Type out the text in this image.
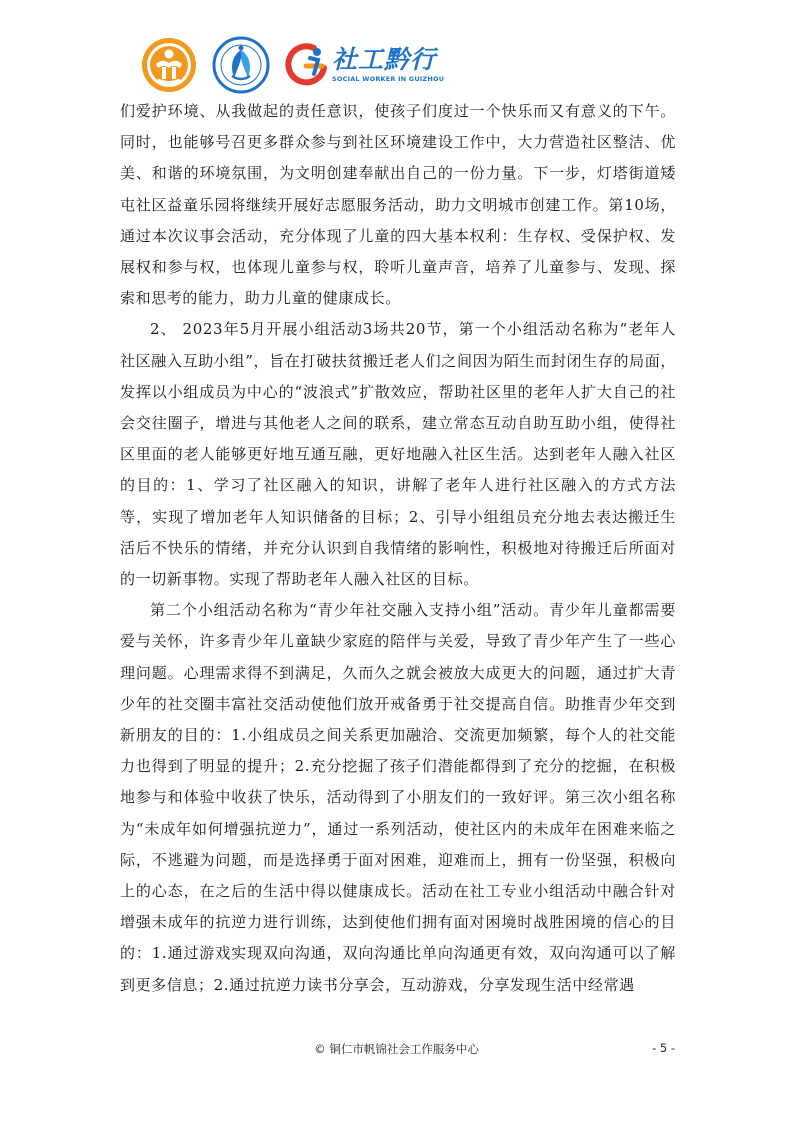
社工黔行
SOCIAL WORKER IN GUIZHOU

们爱护环境、从我做起的责任意识，使孩子们度过一个快乐而又有意义的下午。同时，也能够号召更多群众参与到社区环境建设工作中，大力营造社区整洁、优美、和谐的环境氛围，为文明创建奉献出自己的一份力量。下一步，灯塔街道矮屯社区益童乐园将继续开展好志愿服务活动，助力文明城市创建工作。第10场，通过本次议事会活动，充分体现了儿童的四大基本权利：生存权、受保护权、发展权和参与权，也体现儿童参与权，聆听儿童声音，培养了儿童参与、发现、探索和思考的能力，助力儿童的健康成长。

2、 2023年5月开展小组活动3场共20节，第一个小组活动名称为“老年人社区融入互助小组”，旨在打破扶贫搬迁老人们之间因为陌生而封闭生存的局面，发挥以小组成员为中心的“波浪式”扩散效应，帮助社区里的老年人扩大自己的社会交往圈子，增进与其他老人之间的联系，建立常态互动自助互助小组，使得社区里面的老人能够更好地互通互融，更好地融入社区生活。达到老年人融入社区的目的：1、学习了社区融入的知识，讲解了老年人进行社区融入的方式方法等，实现了增加老年人知识储备的目标；2、引导小组组员充分地去表达搬迁生活后不快乐的情绪，并充分认识到自我情绪的影响性，积极地对待搬迁后所面对的一切新事物。实现了帮助老年人融入社区的目标。

第二个小组活动名称为“青少年社交融入支持小组”活动。青少年儿童都需要爱与关怀，许多青少年儿童缺少家庭的陪伴与关爱，导致了青少年产生了一些心理问题。心理需求得不到满足，久而久之就会被放大成更大的问题，通过扩大青少年的社交圈丰富社交活动使他们放开戒备勇于社交提高自信。助推青少年交到新朋友的目的：1.小组成员之间关系更加融洽、交流更加频繁，每个人的社交能力也得到了明显的提升；2.充分挖掘了孩子们潜能都得到了充分的挖掘，在积极地参与和体验中收获了快乐，活动得到了小朋友们的一致好评。第三次小组名称为“未成年如何增强抗逆力”，通过一系列活动，使社区内的未成年在困难来临之际，不逃避为问题，而是选择勇于面对困难，迎难而上，拥有一份坚强，积极向上的心态，在之后的生活中得以健康成长。活动在社工专业小组活动中融合针对增强未成年的抗逆力进行训练，达到使他们拥有面对困境时战胜困境的信心的目的：1.通过游戏实现双向沟通，双向沟通比单向沟通更有效，双向沟通可以了解到更多信息；2.通过抗逆力读书分享会，互动游戏，分享发现生活中经常遇

© 铜仁市帆锦社会工作服务中心	- 5 -
